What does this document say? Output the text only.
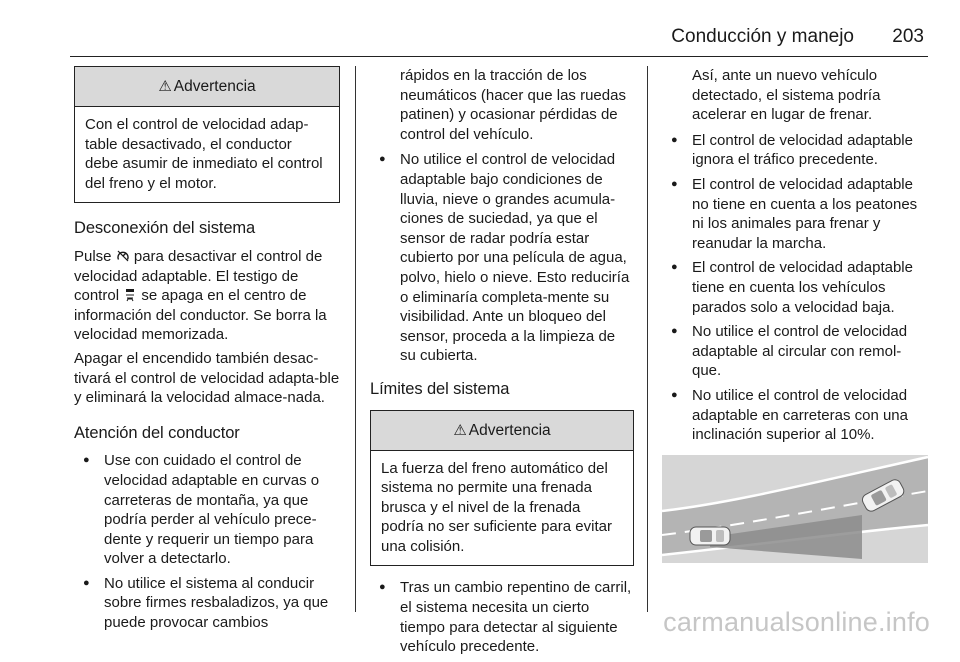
Conducción y manejo 203
⚠ Advertencia
Con el control de velocidad adap-table desactivado, el conductor debe asumir de inmediato el control del freno y el motor.
Desconexión del sistema

Pulse  para desactivar el control de velocidad adaptable. El testigo de control  se apaga en el centro de información del conductor. Se borra la velocidad memorizada.

Apagar el encendido también desac-tivará el control de velocidad adapta-ble y eliminará la velocidad almace-nada.

Atención del conductor
● Use con cuidado el control de velocidad adaptable en curvas o carreteras de montaña, ya que podría perder al vehículo prece-dente y requerir un tiempo para volver a detectarlo.
● No utilice el sistema al conducir sobre firmes resbaladizos, ya que puede provocar cambios

rápidos en la tracción de los neumáticos (hacer que las ruedas patinen) y ocasionar pérdidas de control del vehículo.

● No utilice el control de velocidad adaptable bajo condiciones de lluvia, nieve o grandes acumula-ciones de suciedad, ya que el sensor de radar podría estar cubierto por una película de agua, polvo, hielo o nieve. Esto reduciría o eliminaría completa-mente su visibilidad. Ante un bloqueo del sensor, proceda a la limpieza de su cubierta.
Límites del sistema
⚠ Advertencia
La fuerza del freno automático del sistema no permite una frenada brusca y el nivel de la frenada podría no ser suficiente para evitar una colisión.
● Tras un cambio repentino de carril, el sistema necesita un cierto tiempo para detectar al siguiente vehículo precedente.

Así, ante un nuevo vehículo detectado, el sistema podría acelerar en lugar de frenar.

● El control de velocidad adaptable ignora el tráfico precedente.
● El control de velocidad adaptable no tiene en cuenta a los peatones ni los animales para frenar y reanudar la marcha.
● El control de velocidad adaptable tiene en cuenta los vehículos parados solo a velocidad baja.
● No utilice el control de velocidad adaptable al circular con remol-que.
● No utilice el control de velocidad adaptable en carreteras con una inclinación superior al 10%.
carmanualsonline.info
